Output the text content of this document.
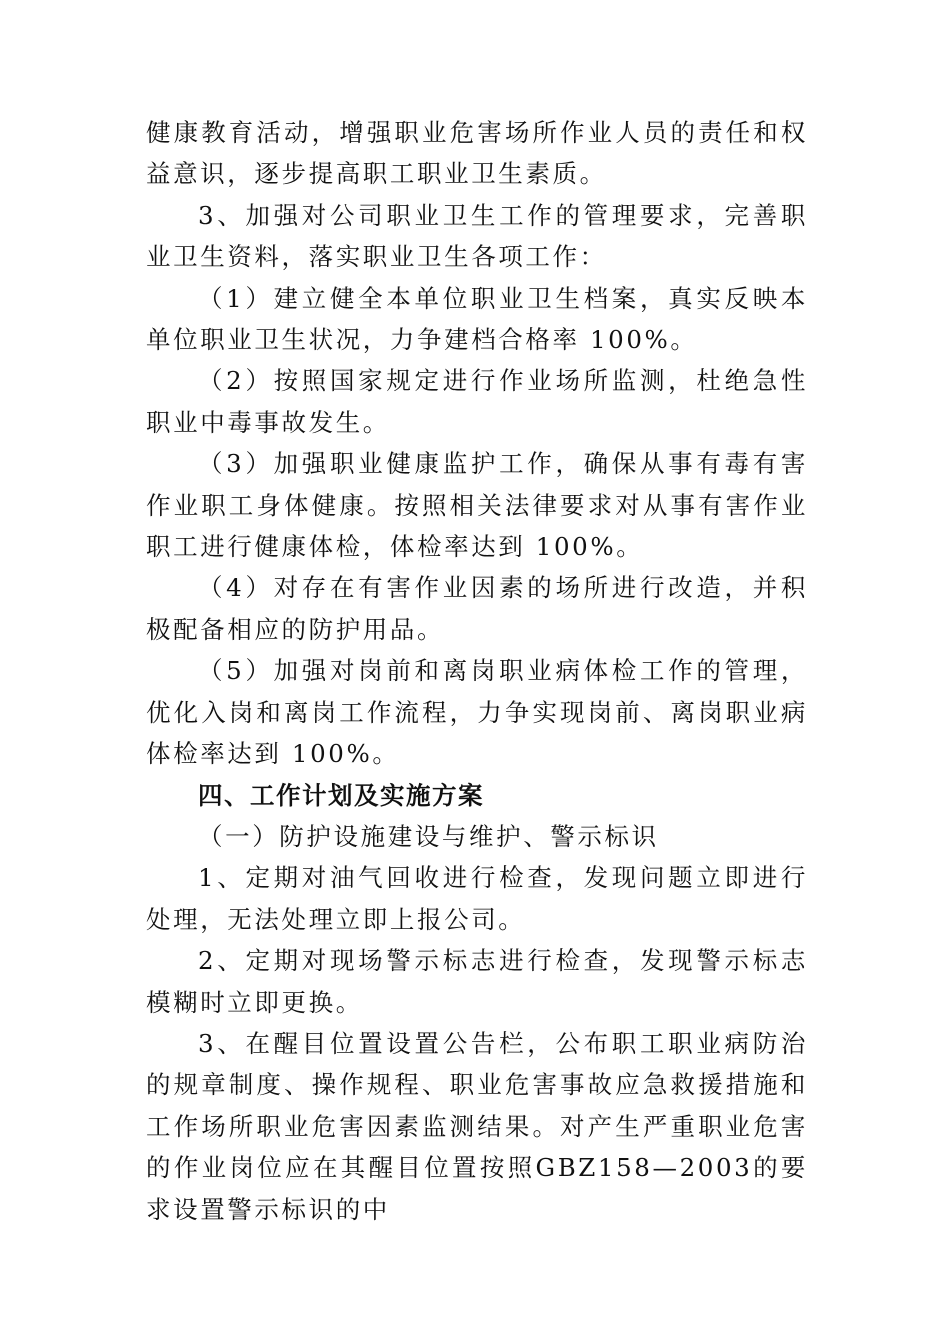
健康教育活动，增强职业危害场所作业人员的责任和权益意识，逐步提高职工职业卫生素质。

3、加强对公司职业卫生工作的管理要求，完善职业卫生资料，落实职业卫生各项工作：

（1）建立健全本单位职业卫生档案，真实反映本单位职业卫生状况，力争建档合格率 100%。

（2）按照国家规定进行作业场所监测，杜绝急性职业中毒事故发生。

（3）加强职业健康监护工作，确保从事有毒有害作业职工身体健康。按照相关法律要求对从事有害作业职工进行健康体检，体检率达到 100%。

（4）对存在有害作业因素的场所进行改造，并积极配备相应的防护用品。

（5）加强对岗前和离岗职业病体检工作的管理，优化入岗和离岗工作流程，力争实现岗前、离岗职业病体检率达到 100%。

四、工作计划及实施方案

（一）防护设施建设与维护、警示标识

1、定期对油气回收进行检查，发现问题立即进行处理，无法处理立即上报公司。

2、定期对现场警示标志进行检查，发现警示标志模糊时立即更换。

3、在醒目位置设置公告栏，公布职工职业病防治的规章制度、操作规程、职业危害事故应急救援措施和工作场所职业危害因素监测结果。对产生严重职业危害的作业岗位应在其醒目位置按照GBZ158—2003的要求设置警示标识的中
